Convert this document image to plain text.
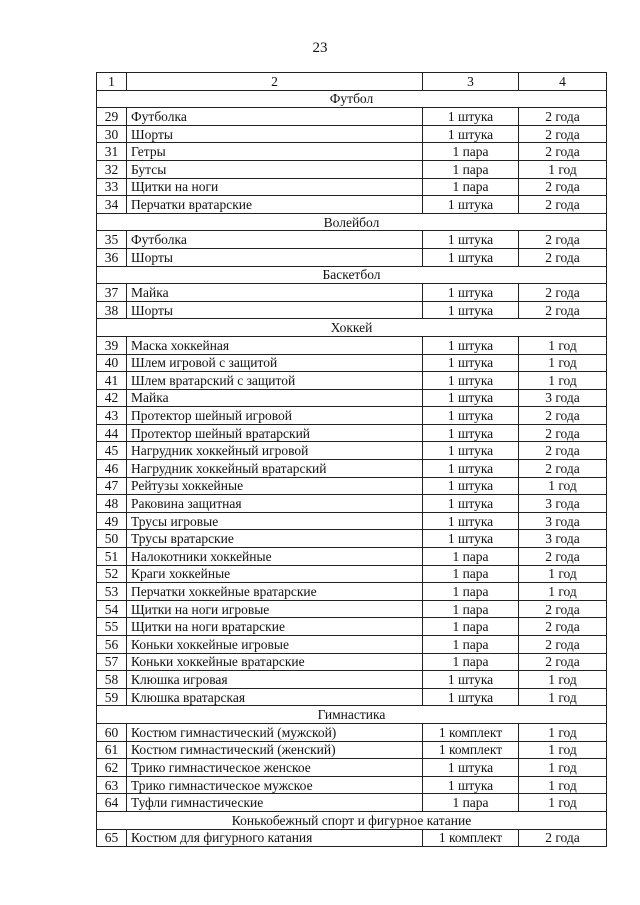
23
1	2	3	4
Футбол			
29	Футболка	1 штука	2 года
30	Шорты	1 штука	2 года
31	Гетры	1 пара	2 года
32	Бутсы	1 пара	1 год
33	Щитки на ноги	1 пара	2 года
34	Перчатки вратарские	1 штука	2 года
Волейбол			
35	Футболка	1 штука	2 года
36	Шорты	1 штука	2 года
Баскетбол			
37	Майка	1 штука	2 года
38	Шорты	1 штука	2 года
Хоккей			
39	Маска хоккейная	1 штука	1 год
40	Шлем игровой с защитой	1 штука	1 год
41	Шлем вратарский с защитой	1 штука	1 год
42	Майка	1 штука	3 года
43	Протектор шейный игровой	1 штука	2 года
44	Протектор шейный вратарский	1 штука	2 года
45	Нагрудник хоккейный игровой	1 штука	2 года
46	Нагрудник хоккейный вратарский	1 штука	2 года
47	Рейтузы хоккейные	1 штука	1 год
48	Раковина защитная	1 штука	3 года
49	Трусы игровые	1 штука	3 года
50	Трусы вратарские	1 штука	3 года
51	Налокотники хоккейные	1 пара	2 года
52	Краги хоккейные	1 пара	1 год
53	Перчатки хоккейные вратарские	1 пара	1 год
54	Щитки на ноги игровые	1 пара	2 года
55	Щитки на ноги вратарские	1 пара	2 года
56	Коньки хоккейные игровые	1 пара	2 года
57	Коньки хоккейные вратарские	1 пара	2 года
58	Клюшка игровая	1 штука	1 год
59	Клюшка вратарская	1 штука	1 год
Гимнастика			
60	Костюм гимнастический (мужской)	1 комплект	1 год
61	Костюм гимнастический (женский)	1 комплект	1 год
62	Трико гимнастическое женское	1 штука	1 год
63	Трико гимнастическое мужское	1 штука	1 год
64	Туфли гимнастические	1 пара	1 год
Конькобежный спорт и фигурное катание			
65	Костюм для фигурного катания	1 комплект	2 года
